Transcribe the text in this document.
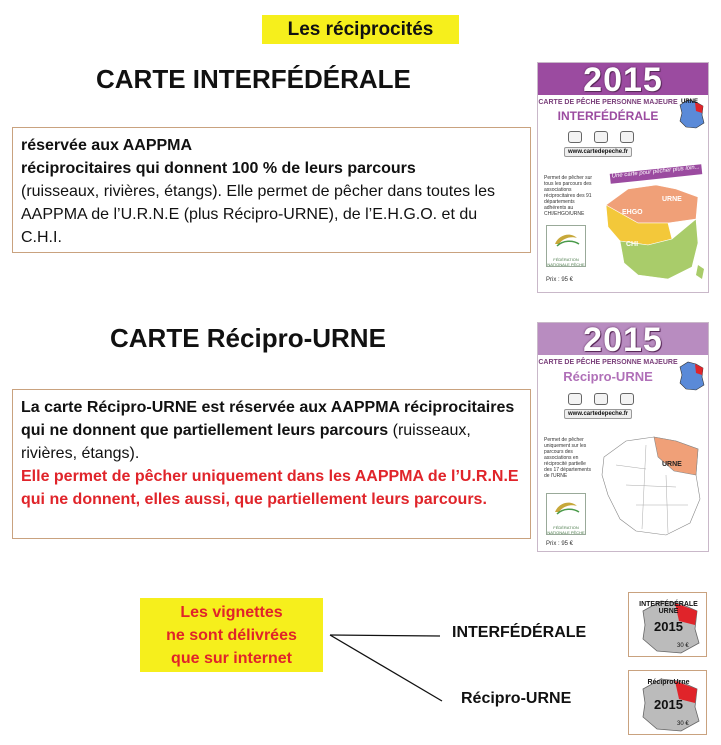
Les réciprocités
CARTE INTERFÉDÉRALE
réservée aux AAPPMA
réciprocitaires qui donnent 100 % de leurs parcours
(ruisseaux, rivières, étangs). Elle permet de pêcher dans toutes les AAPPMA de l’U.R.N.E (plus Récipro-URNE), de l’E.H.G.O. et du C.H.I.
2015
CARTE DE PÊCHE PERSONNE MAJEURE
INTERFÉDÉRALE
URNE
www.cartedepeche.fr
Une carte pour pêcher plus loin...
Permet de pêcher sur tous les parcours des associations réciprocitaires des 91 départements adhérents au CHI/EHGO/URNE	EHGO
URNE
CHI
FÉDÉRATION NATIONALE PÊCHE
Prix : 95 €
CARTE Récipro-URNE
La carte Récipro-URNE est réservée aux AAPPMA réciprocitaires qui ne donnent que partiellement leurs parcours (ruisseaux, rivières, étangs).
Elle permet de pêcher uniquement dans les AAPPMA de l’U.R.N.E qui ne donnent, elles aussi, que partiellement leurs parcours.
2015
CARTE DE PÊCHE PERSONNE MAJEURE
Récipro-URNE
www.cartedepeche.fr
Permet de pêcher uniquement sur les parcours des associations en réciprocité partielle des 17 départements de l'URNE
URNE
FÉDÉRATION NATIONALE PÊCHE
Prix : 95 €
Les vignettes
ne sont délivrées
que sur internet
INTERFÉDÉRALE
Récipro-URNE
INTERFÉDÉRALE URNE
2015
30 €
RéciproUrne
2015
30 €
